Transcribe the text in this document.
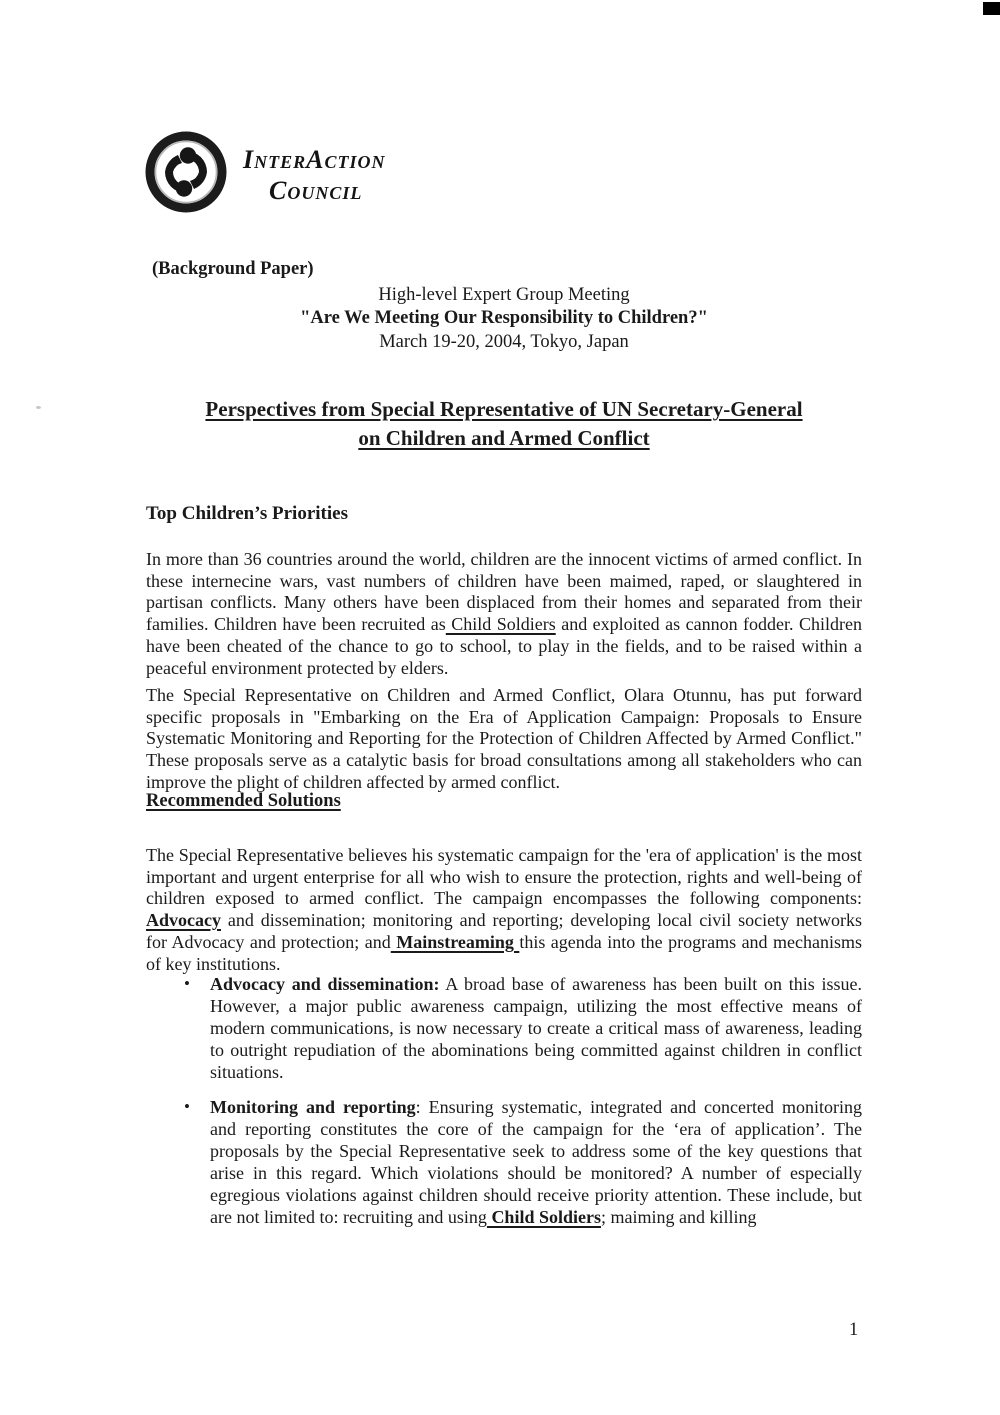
InterAction
Council
(Background Paper)
High-level Expert Group Meeting
"Are We Meeting Our Responsibility to Children?"
March 19-20, 2004, Tokyo, Japan
Perspectives from Special Representative of UN Secretary-General
on Children and Armed Conflict
Top Children’s Priorities

In more than 36 countries around the world, children are the innocent victims of armed conflict. In these internecine wars, vast numbers of children have been maimed, raped, or slaughtered in partisan conflicts. Many others have been displaced from their homes and separated from their families. Children have been recruited as Child Soldiers and exploited as cannon fodder. Children have been cheated of the chance to go to school, to play in the fields, and to be raised within a peaceful environment protected by elders.

The Special Representative on Children and Armed Conflict, Olara Otunnu, has put forward specific proposals in "Embarking on the Era of Application Campaign: Proposals to Ensure Systematic Monitoring and Reporting for the Protection of Children Affected by Armed Conflict." These proposals serve as a catalytic basis for broad consultations among all stakeholders who can improve the plight of children affected by armed conflict.

Recommended Solutions

The Special Representative believes his systematic campaign for the 'era of application' is the most important and urgent enterprise for all who wish to ensure the protection, rights and well-being of children exposed to armed conflict. The campaign encompasses the following components: Advocacy and dissemination; monitoring and reporting; developing local civil society networks for Advocacy and protection; and Mainstreaming this agenda into the programs and mechanisms of key institutions.

• Advocacy and dissemination: A broad base of awareness has been built on this issue. However, a major public awareness campaign, utilizing the most effective means of modern communications, is now necessary to create a critical mass of awareness, leading to outright repudiation of the abominations being committed against children in conflict situations.
• Monitoring and reporting: Ensuring systematic, integrated and concerted monitoring and reporting constitutes the core of the campaign for the ‘era of application’. The proposals by the Special Representative seek to address some of the key questions that arise in this regard. Which violations should be monitored? A number of especially egregious violations against children should receive priority attention. These include, but are not limited to: recruiting and using Child Soldiers; maiming and killing
1
